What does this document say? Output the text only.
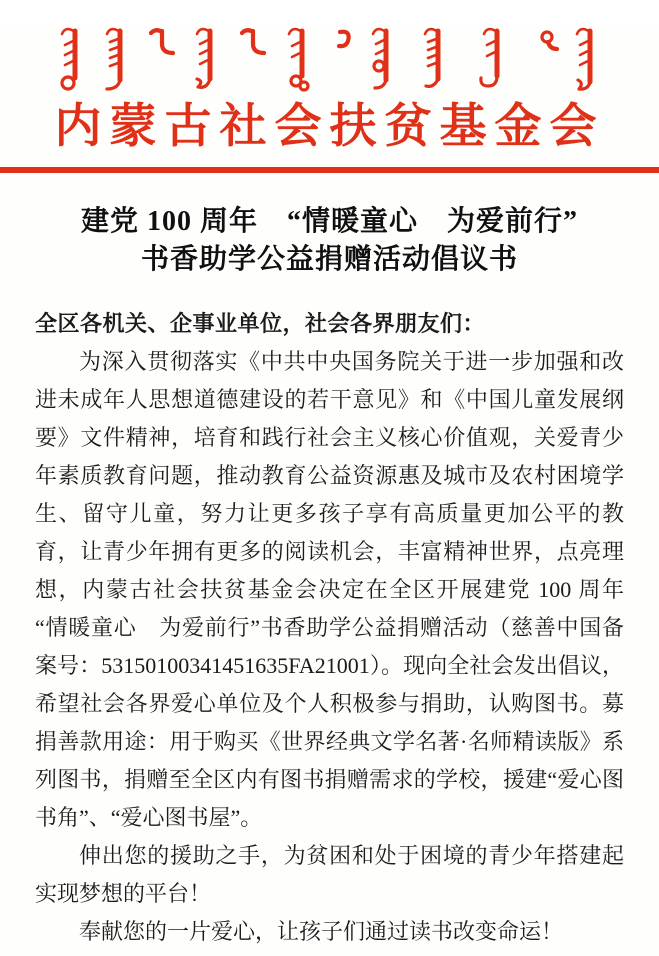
内蒙古社会扶贫基金会
建党 100 周年　“情暖童心　为爱前行”
书香助学公益捐赠活动倡议书

全区各机关、企事业单位，社会各界朋友们：

为深入贯彻落实《中共中央国务院关于进一步加强和改进未成年人思想道德建设的若干意见》和《中国儿童发展纲要》文件精神，培育和践行社会主义核心价值观，关爱青少年素质教育问题，推动教育公益资源惠及城市及农村困境学生、留守儿童，努力让更多孩子享有高质量更加公平的教育，让青少年拥有更多的阅读机会，丰富精神世界，点亮理想，内蒙古社会扶贫基金会决定在全区开展建党 100 周年　“情暖童心　为爱前行”书香助学公益捐赠活动（慈善中国备案号：53150100341451635FA21001）。现向全社会发出倡议，希望社会各界爱心单位及个人积极参与捐助，认购图书。募捐善款用途：用于购买《世界经典文学名著·名师精读版》系列图书，捐赠至全区内有图书捐赠需求的学校，援建“爱心图书角”、“爱心图书屋”。

伸出您的援助之手，为贫困和处于困境的青少年搭建起实现梦想的平台！

奉献您的一片爱心，让孩子们通过读书改变命运！
